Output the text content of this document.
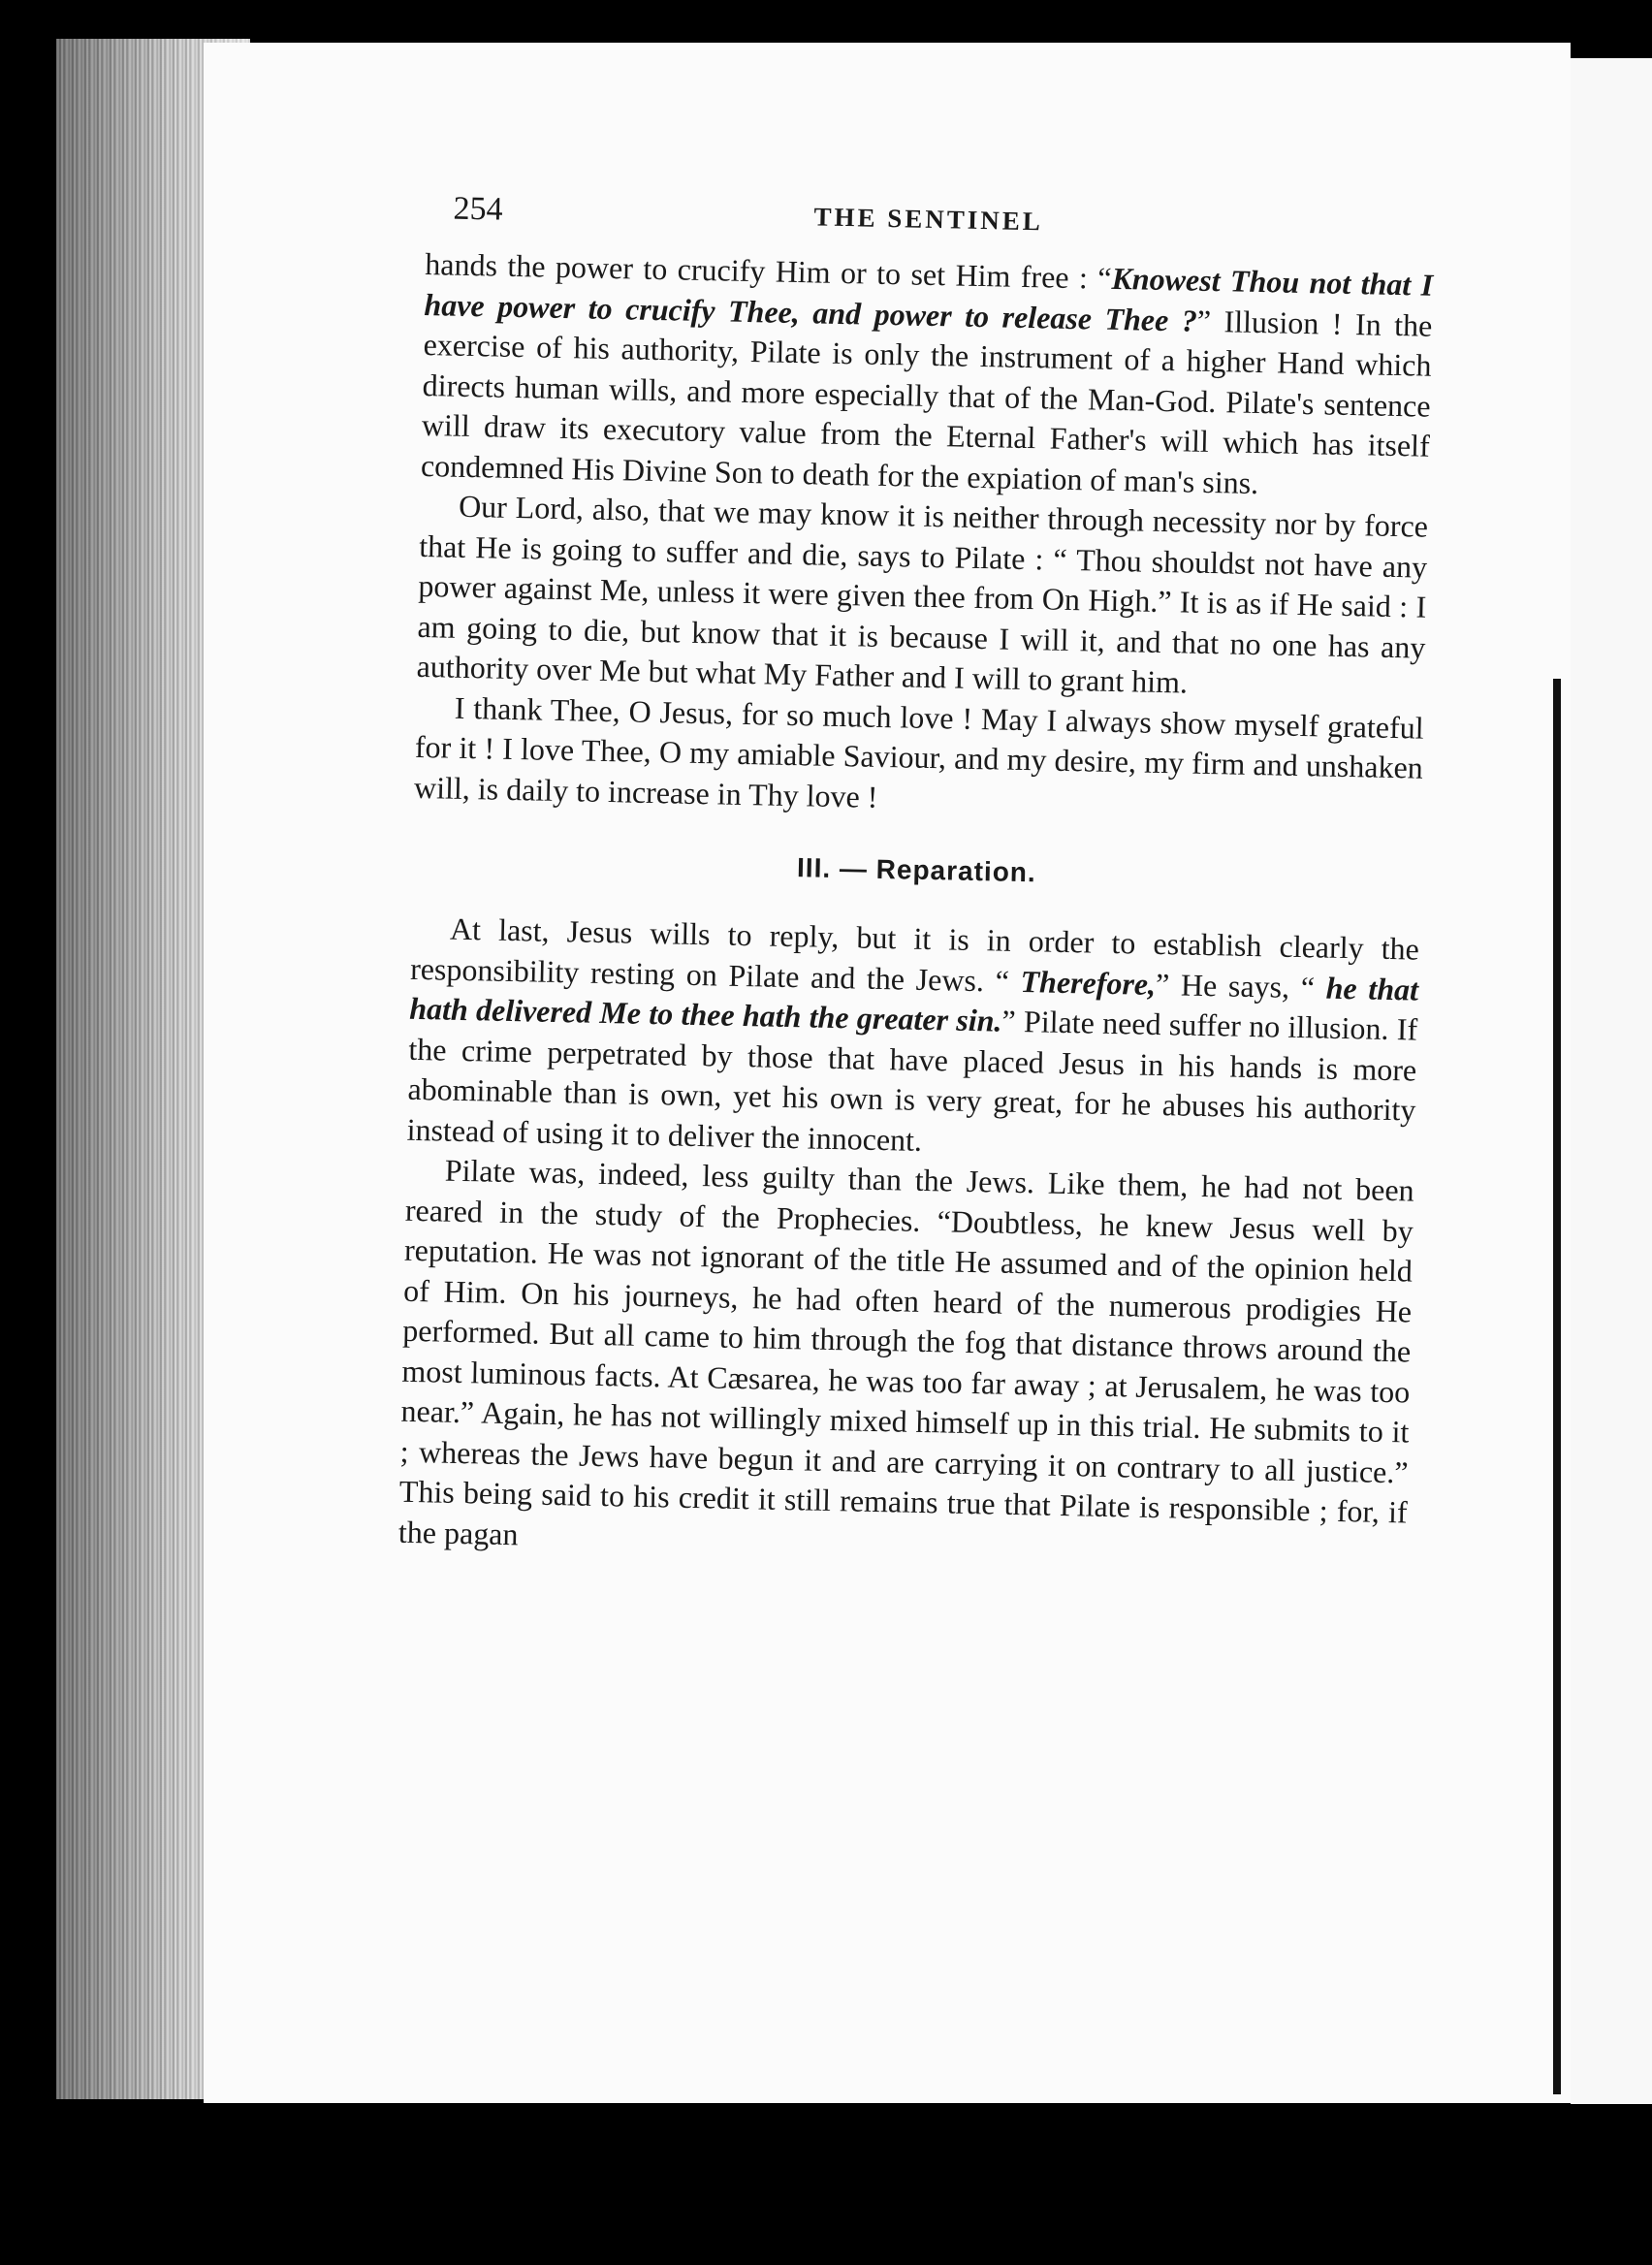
254	THE SENTINEL

hands the power to crucify Him or to set Him free : “Knowest Thou not that I have power to crucify Thee, and power to release Thee ?” Illusion ! In the exercise of his authority, Pilate is only the instrument of a higher Hand which directs human wills, and more especially that of the Man-God. Pilate's sentence will draw its executory value from the Eternal Father's will which has itself condemned His Divine Son to death for the expiation of man's sins.

Our Lord, also, that we may know it is neither through necessity nor by force that He is going to suffer and die, says to Pilate : “ Thou shouldst not have any power against Me, unless it were given thee from On High.” It is as if He said : I am going to die, but know that it is because I will it, and that no one has any authority over Me but what My Father and I will to grant him.

I thank Thee, O Jesus, for so much love ! May I always show myself grateful for it ! I love Thee, O my amiable Saviour, and my desire, my firm and unshaken will, is daily to increase in Thy love !

III. — Reparation.

At last, Jesus wills to reply, but it is in order to establish clearly the responsibility resting on Pilate and the Jews. “ Therefore,” He says, “ he that hath delivered Me to thee hath the greater sin.” Pilate need suffer no illusion. If the crime perpetrated by those that have placed Jesus in his hands is more abominable than is own, yet his own is very great, for he abuses his authority instead of using it to deliver the innocent.

Pilate was, indeed, less guilty than the Jews. Like them, he had not been reared in the study of the Prophecies. “Doubtless, he knew Jesus well by reputation. He was not ignorant of the title He assumed and of the opinion held of Him. On his journeys, he had often heard of the numerous prodigies He performed. But all came to him through the fog that distance throws around the most luminous facts. At Cæsarea, he was too far away ; at Jerusalem, he was too near.” Again, he has not willingly mixed himself up in this trial. He submits to it ; whereas the Jews have begun it and are carrying it on contrary to all justice.” This being said to his credit it still remains true that Pilate is responsible ; for, if the pagan
